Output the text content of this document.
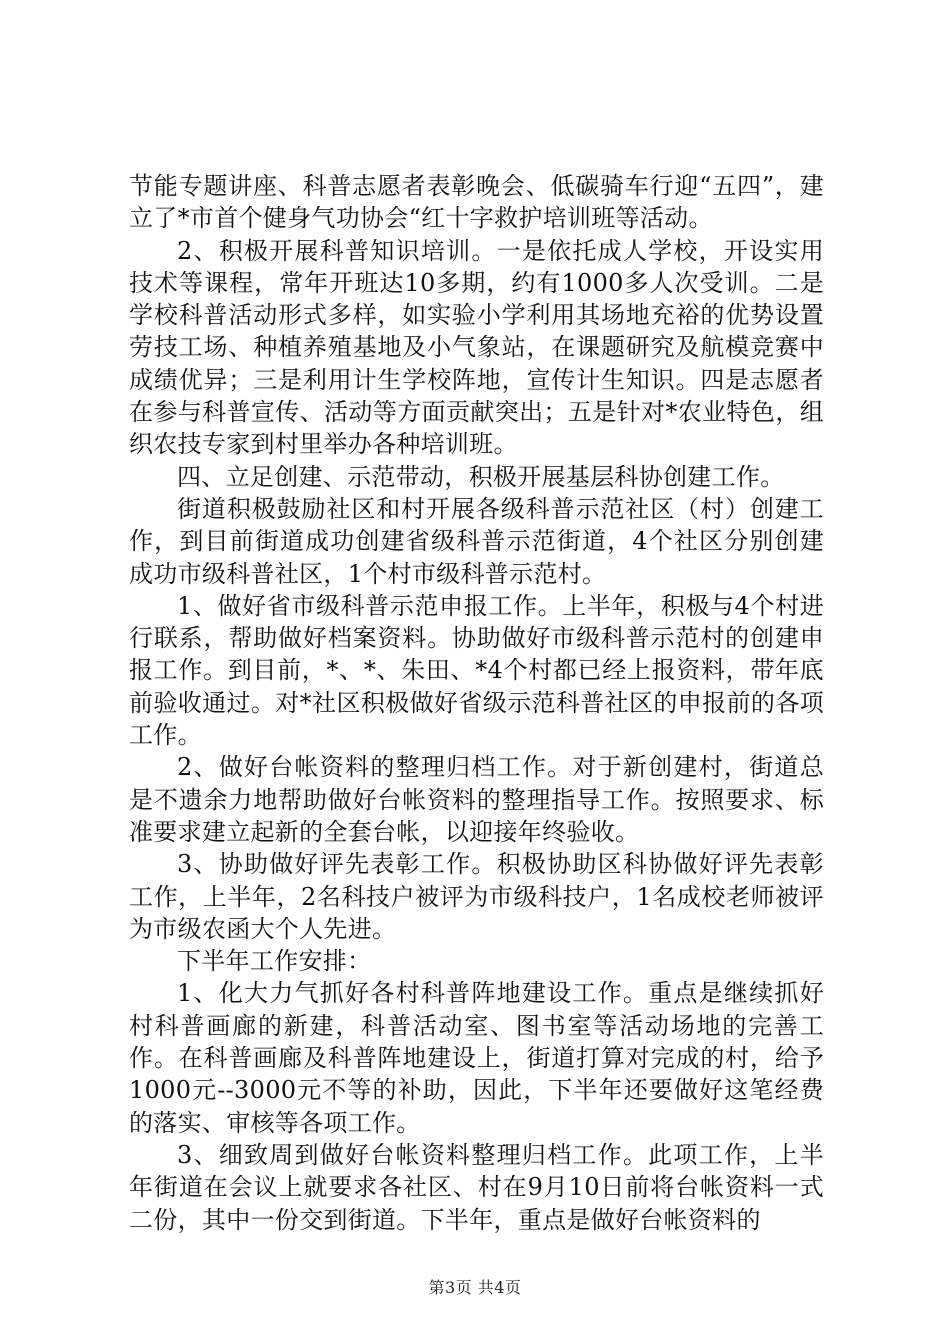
节能专题讲座、科普志愿者表彰晚会、低碳骑车行迎“五四”，建立了*市首个健身气功协会“红十字救护培训班等活动。

2、积极开展科普知识培训。一是依托成人学校，开设实用技术等课程，常年开班达10多期，约有1000多人次受训。二是学校科普活动形式多样，如实验小学利用其场地充裕的优势设置劳技工场、种植养殖基地及小气象站，在课题研究及航模竞赛中成绩优异；三是利用计生学校阵地，宣传计生知识。四是志愿者在参与科普宣传、活动等方面贡献突出；五是针对*农业特色，组织农技专家到村里举办各种培训班。

四、立足创建、示范带动，积极开展基层科协创建工作。

街道积极鼓励社区和村开展各级科普示范社区（村）创建工作，到目前街道成功创建省级科普示范街道，4个社区分别创建成功市级科普社区，1个村市级科普示范村。

1、做好省市级科普示范申报工作。上半年，积极与4个村进行联系，帮助做好档案资料。协助做好市级科普示范村的创建申报工作。到目前，*、*、朱田、*4个村都已经上报资料，带年底前验收通过。对*社区积极做好省级示范科普社区的申报前的各项工作。

2、做好台帐资料的整理归档工作。对于新创建村，街道总是不遗余力地帮助做好台帐资料的整理指导工作。按照要求、标准要求建立起新的全套台帐，以迎接年终验收。

3、协助做好评先表彰工作。积极协助区科协做好评先表彰工作，上半年，2名科技户被评为市级科技户，1名成校老师被评为市级农函大个人先进。

下半年工作安排：

1、化大力气抓好各村科普阵地建设工作。重点是继续抓好村科普画廊的新建，科普活动室、图书室等活动场地的完善工作。在科普画廊及科普阵地建设上，街道打算对完成的村，给予1000元--3000元不等的补助，因此，下半年还要做好这笔经费的落实、审核等各项工作。

3、细致周到做好台帐资料整理归档工作。此项工作，上半年街道在会议上就要求各社区、村在9月10日前将台帐资料一式二份，其中一份交到街道。下半年，重点是做好台帐资料的

第3页 共4页
